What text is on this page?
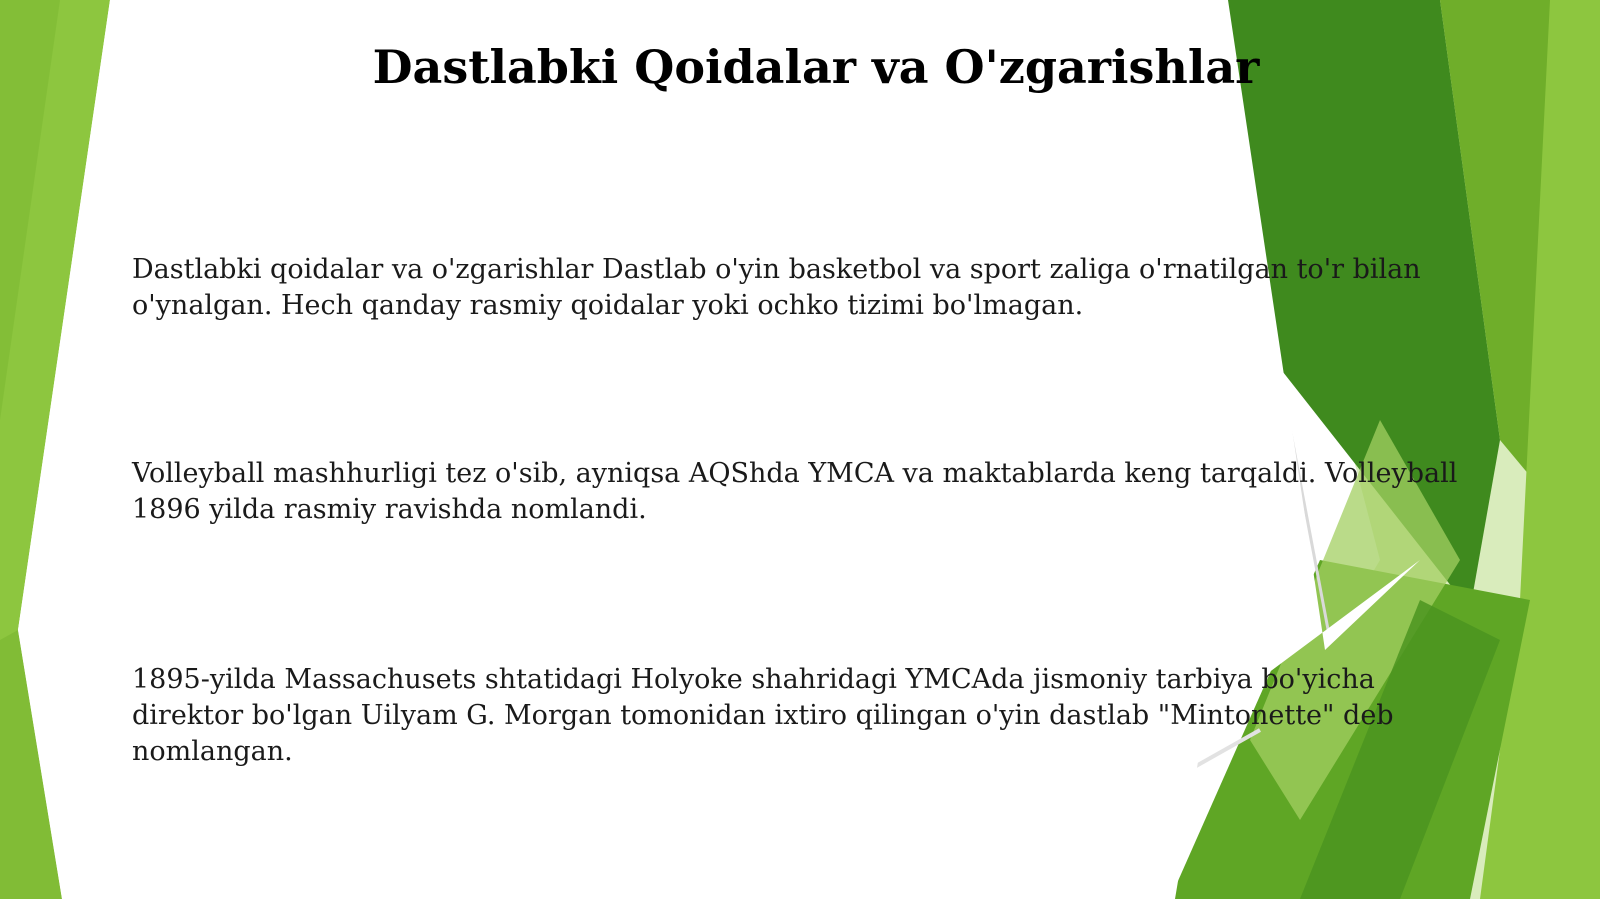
Dastlabki Qoidalar va O'zgarishlar

Dastlabki qoidalar va o'zgarishlar Dastlab o'yin basketbol va sport zaliga o'rnatilgan to'r bilan o'ynalgan. Hech qanday rasmiy qoidalar yoki ochko tizimi bo'lmagan.

Volleyball mashhurligi tez o'sib, ayniqsa AQShda YMCA va maktablarda keng tarqaldi. Volleyball 1896 yilda rasmiy ravishda nomlandi.

1895-yilda Massachusets shtatidagi Holyoke shahridagi YMCAda jismoniy tarbiya bo'yicha direktor bo'lgan Uilyam G. Morgan tomonidan ixtiro qilingan o'yin dastlab "Mintonette" deb nomlangan.
